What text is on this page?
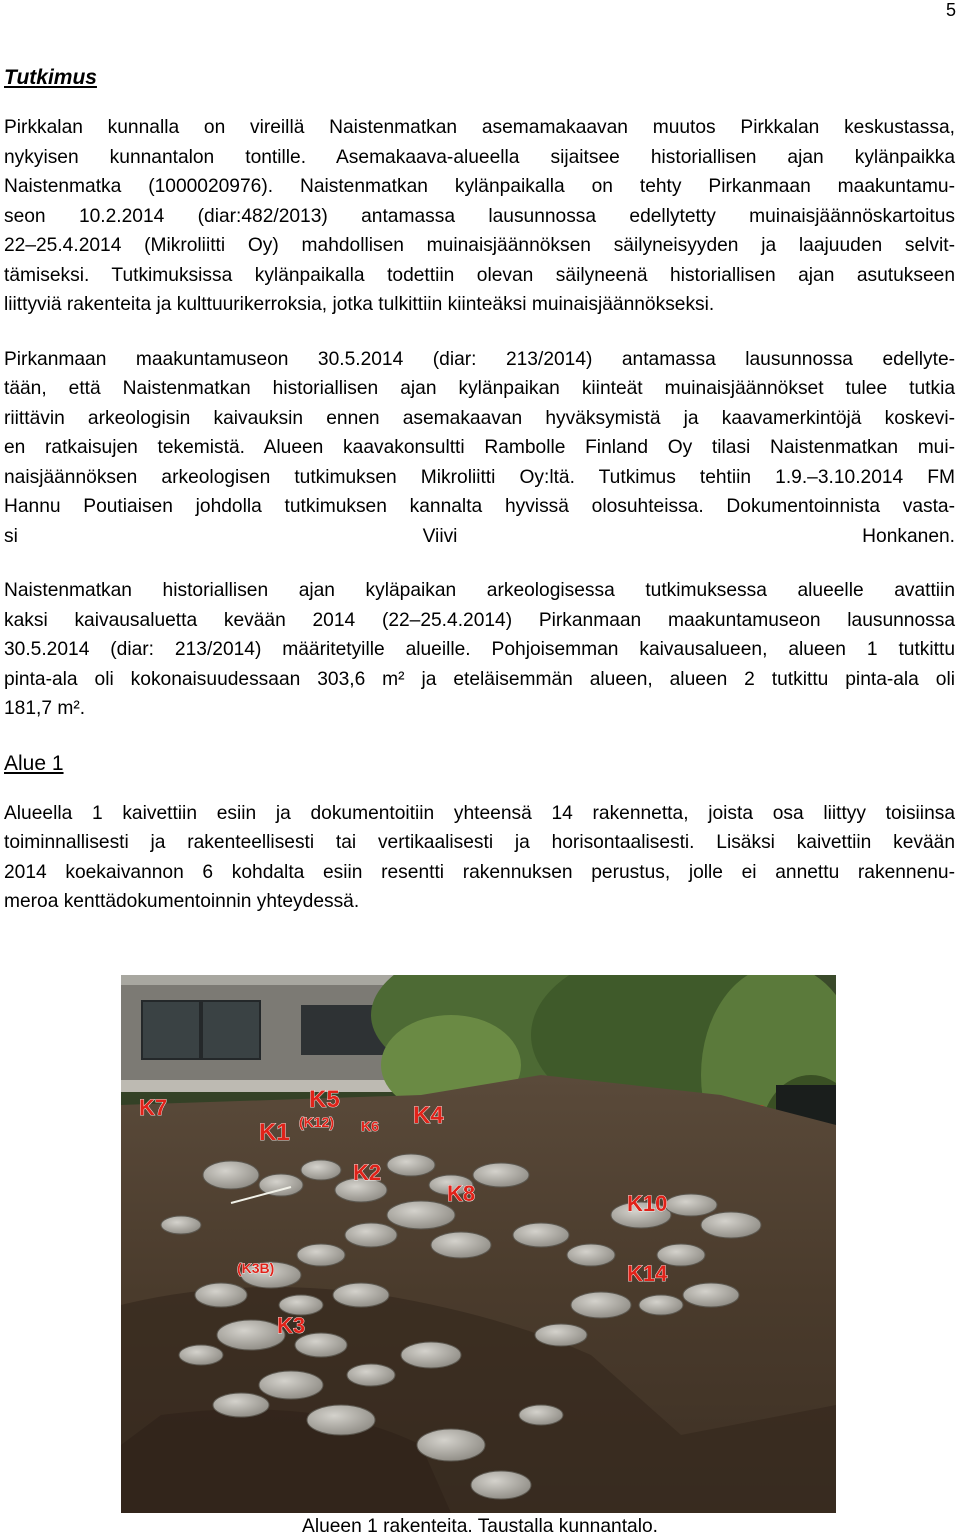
5
Tutkimus
Pirkkalan kunnalla on vireillä Naistenmatkan asemamakaavan muutos Pirkkalan keskustassa,
nykyisen kunnantalon tontille. Asemakaava-alueella sijaitsee historiallisen ajan kylänpaikka
Naistenmatka (1000020976). Naistenmatkan kylänpaikalla on tehty Pirkanmaan maakuntamu-
seon 10.2.2014 (diar:482/2013) antamassa lausunnossa edellytetty muinaisjäännöskartoitus
22–25.4.2014 (Mikroliitti Oy) mahdollisen muinaisjäännöksen säilyneisyyden ja laajuuden selvit-
tämiseksi. Tutkimuksissa kylänpaikalla todettiin olevan säilyneenä historiallisen ajan asutukseen
liittyviä rakenteita ja kulttuurikerroksia, jotka tulkittiin kiinteäksi muinaisjäännökseksi.
Pirkanmaan maakuntamuseon 30.5.2014 (diar: 213/2014) antamassa lausunnossa edellyte-
tään, että Naistenmatkan historiallisen ajan kylänpaikan kiinteät muinaisjäännökset tulee tutkia
riittävin arkeologisin kaivauksin ennen asemakaavan hyväksymistä ja kaavamerkintöjä koskevi-
en ratkaisujen tekemistä. Alueen kaavakonsultti Rambolle Finland Oy tilasi Naistenmatkan mui-
naisjäännöksen arkeologisen tutkimuksen Mikroliitti Oy:ltä. Tutkimus tehtiin 1.9.–3.10.2014 FM
Hannu Poutiaisen johdolla tutkimuksen kannalta hyvissä olosuhteissa. Dokumentoinnista vasta-
si Viivi Honkanen.
Naistenmatkan historiallisen ajan kyläpaikan arkeologisessa tutkimuksessa alueelle avattiin
kaksi kaivausaluetta kevään 2014 (22–25.4.2014) Pirkanmaan maakuntamuseon lausunnossa
30.5.2014 (diar: 213/2014) määritetyille alueille. Pohjoisemman kaivausalueen, alueen 1 tutkittu
pinta-ala oli kokonaisuudessaan 303,6 m² ja eteläisemmän alueen, alueen 2 tutkittu pinta-ala oli
181,7 m².
Alue 1
Alueella 1 kaivettiin esiin ja dokumentoitiin yhteensä 14 rakennetta, joista osa liittyy toisiinsa
toiminnallisesti ja rakenteellisesti tai vertikaalisesti ja horisontaalisesti. Lisäksi kaivettiin kevään
2014 koekaivannon 6 kohdalta esiin resentti rakennuksen perustus, jolle ei annettu rakennenu-
meroa kenttädokumentoinnin yhteydessä.
K7	K5
K1 (K12) K6 K4
K2
K8	K10
(K3B)	K14
K3
Alueen 1 rakenteita. Taustalla kunnantalo.
